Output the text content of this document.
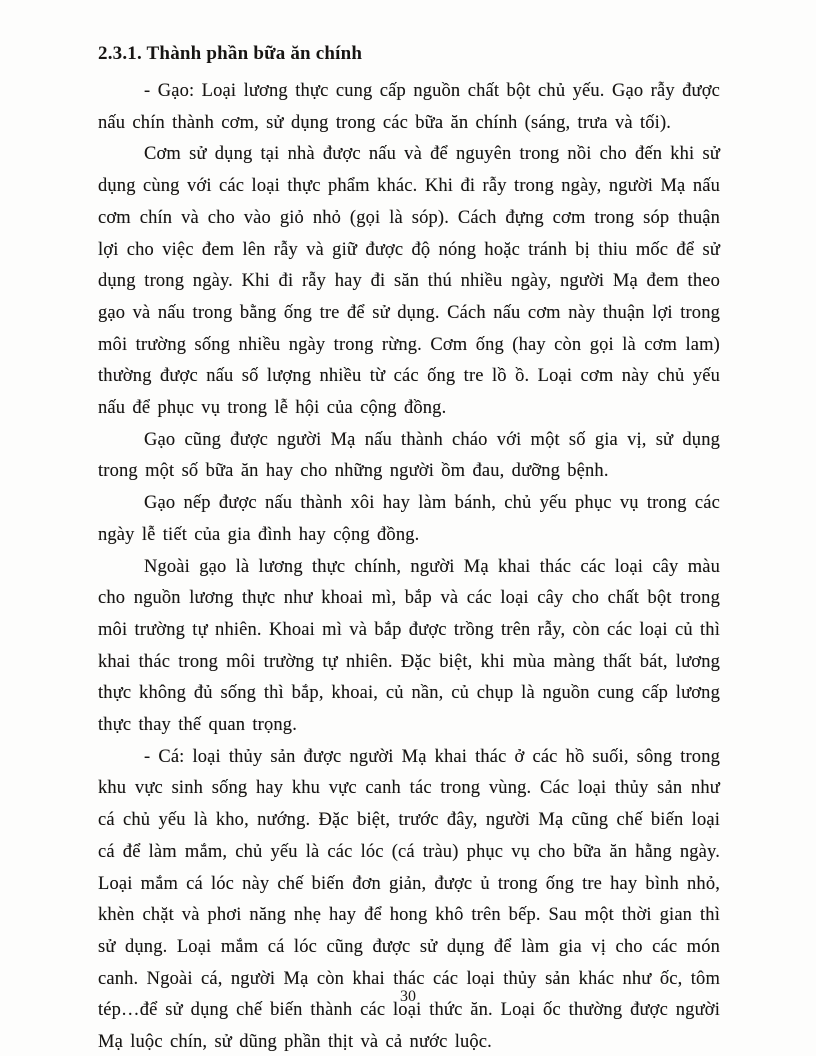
2.3.1. Thành phần bữa ăn chính

- Gạo: Loại lương thực cung cấp nguồn chất bột chủ yếu. Gạo rẫy được nấu chín thành cơm, sử dụng trong các bữa ăn chính (sáng, trưa và tối).

Cơm sử dụng tại nhà được nấu và để nguyên trong nồi cho đến khi sử dụng cùng với các loại thực phẩm khác. Khi đi rẫy trong ngày, người Mạ nấu cơm chín và cho vào giỏ nhỏ (gọi là sóp). Cách đựng cơm trong sóp thuận lợi cho việc đem lên rẫy và giữ được độ nóng hoặc tránh bị thiu mốc để sử dụng trong ngày. Khi đi rẫy hay đi săn thú nhiều ngày, người Mạ đem theo gạo và nấu trong bằng ống tre để sử dụng. Cách nấu cơm này thuận lợi trong môi trường sống nhiều ngày trong rừng. Cơm ống (hay còn gọi là cơm lam) thường được nấu số lượng nhiều từ các ống tre lồ ồ. Loại cơm này chủ yếu nấu để phục vụ trong lễ hội của cộng đồng.

Gạo cũng được người Mạ nấu thành cháo với một số gia vị, sử dụng trong một số bữa ăn hay cho những người ồm đau, dưỡng bệnh.

Gạo nếp được nấu thành xôi hay làm bánh, chủ yếu phục vụ trong các ngày lễ tiết của gia đình hay cộng đồng.

Ngoài gạo là lương thực chính, người Mạ khai thác các loại cây màu cho nguồn lương thực như khoai mì, bắp và các loại cây cho chất bột trong môi trường tự nhiên. Khoai mì và bắp được trồng trên rẫy, còn các loại củ thì khai thác trong môi trường tự nhiên. Đặc biệt, khi mùa màng thất bát, lương thực không đủ sống thì bắp, khoai, củ nần, củ chụp là nguồn cung cấp lương thực thay thế quan trọng.

- Cá: loại thủy sản được người Mạ khai thác ở các hồ suối, sông trong khu vực sinh sống hay khu vực canh tác trong vùng. Các loại thủy sản như cá chủ yếu là kho, nướng. Đặc biệt, trước đây, người Mạ cũng chế biến loại cá để làm mắm, chủ yếu là các lóc (cá tràu) phục vụ cho bữa ăn hằng ngày. Loại mắm cá lóc này chế biến đơn giản, được ủ trong ống tre hay bình nhỏ, khèn chặt và phơi năng nhẹ hay để hong khô trên bếp. Sau một thời gian thì sử dụng. Loại mắm cá lóc cũng được sử dụng để làm gia vị cho các món canh. Ngoài cá, người Mạ còn khai thác các loại thủy sản khác như ốc, tôm tép…để sử dụng chế biến thành các loại thức ăn. Loại ốc thường được người Mạ luộc chín, sử dũng phần thịt và cả nước luộc.

30
